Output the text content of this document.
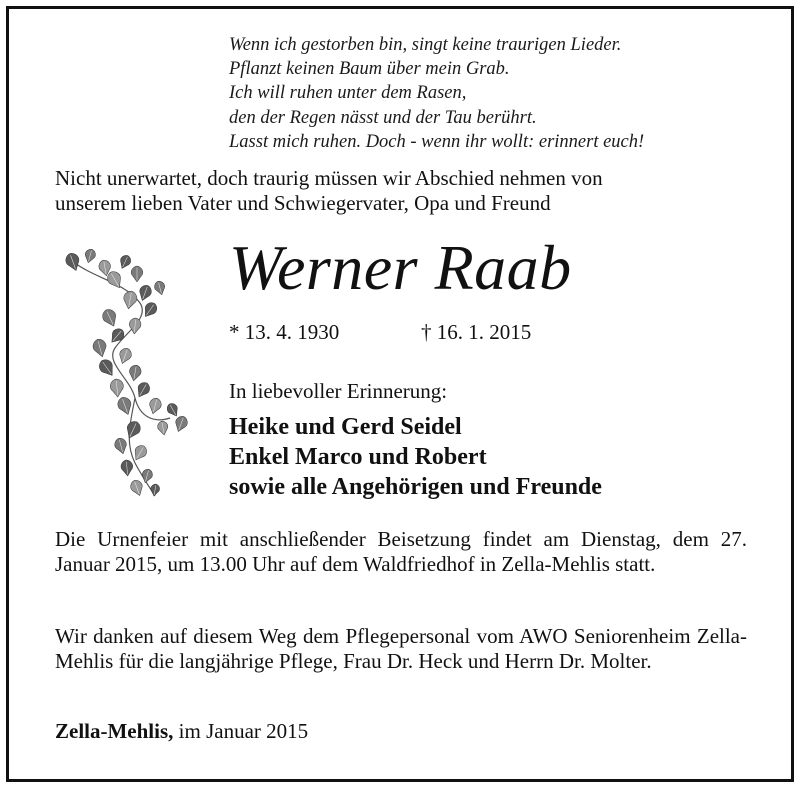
Wenn ich gestorben bin, singt keine traurigen Lieder.
Pflanzt keinen Baum über mein Grab.
Ich will ruhen unter dem Rasen,
den der Regen nässt und der Tau berührt.
Lasst mich ruhen. Doch - wenn ihr wollt: erinnert euch!
Nicht unerwartet, doch traurig müssen wir Abschied nehmen von
unserem lieben Vater und Schwiegervater, Opa und Freund
Werner Raab
* 13. 4. 1930	† 16. 1. 2015
In liebevoller Erinnerung:
Heike und Gerd Seidel
Enkel Marco und Robert
sowie alle Angehörigen und Freunde
Die Urnenfeier mit anschließender Beisetzung findet am Dienstag, dem 27. Januar 2015, um 13.00 Uhr auf dem Waldfriedhof in Zella-Mehlis statt.
Wir danken auf diesem Weg dem Pflegepersonal vom AWO Seniorenheim Zella-Mehlis für die langjährige Pflege, Frau Dr. Heck und Herrn Dr. Molter.
Zella-Mehlis, im Januar 2015
